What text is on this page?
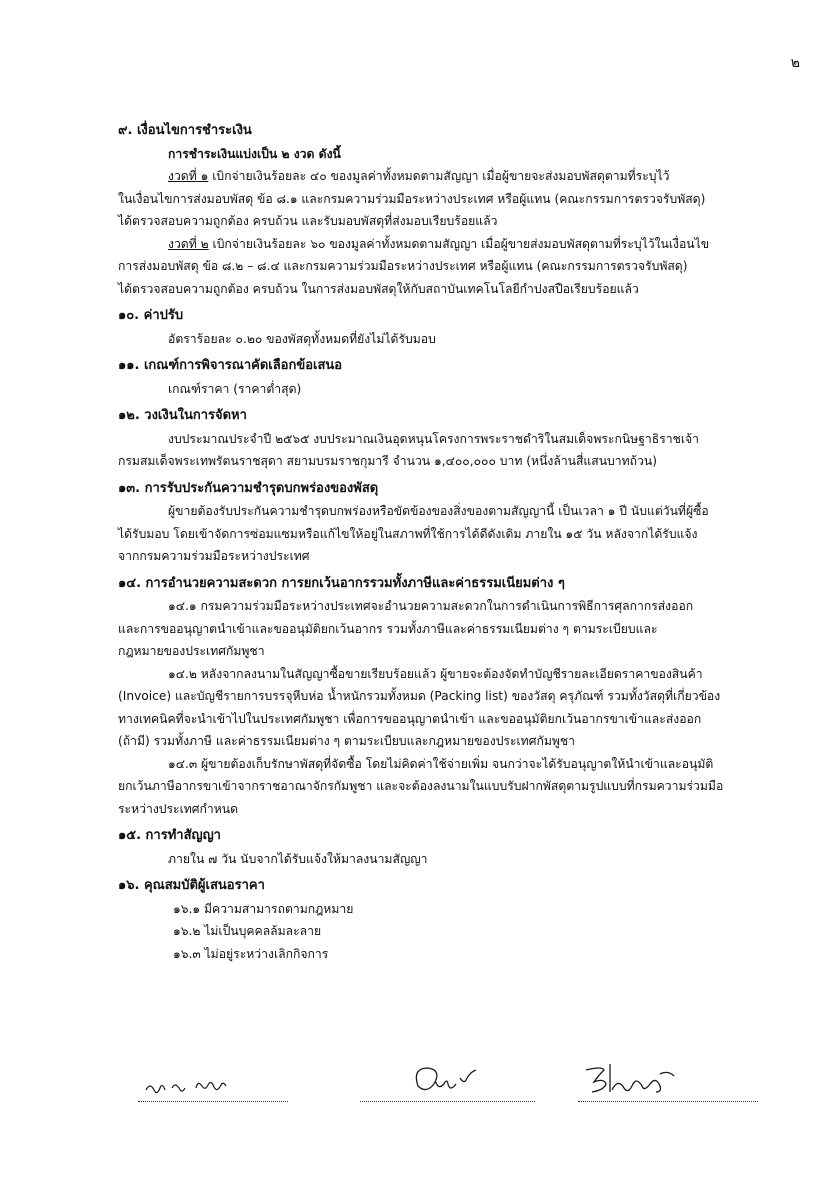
๒
๙. เงื่อนไขการชำระเงิน
การชำระเงินแบ่งเป็น ๒ งวด ดังนี้
งวดที่ ๑ เบิกจ่ายเงินร้อยละ ๔๐ ของมูลค่าทั้งหมดตามสัญญา เมื่อผู้ขายจะส่งมอบพัสดุตามที่ระบุไว้
ในเงื่อนไขการส่งมอบพัสดุ ข้อ ๘.๑ และกรมความร่วมมือระหว่างประเทศ หรือผู้แทน (คณะกรรมการตรวจรับพัสดุ)
ได้ตรวจสอบความถูกต้อง ครบถ้วน และรับมอบพัสดุที่ส่งมอบเรียบร้อยแล้ว
งวดที่ ๒ เบิกจ่ายเงินร้อยละ ๖๐ ของมูลค่าทั้งหมดตามสัญญา เมื่อผู้ขายส่งมอบพัสดุตามที่ระบุไว้ในเงื่อนไข
การส่งมอบพัสดุ ข้อ ๘.๒ – ๘.๔ และกรมความร่วมมือระหว่างประเทศ หรือผู้แทน (คณะกรรมการตรวจรับพัสดุ)
ได้ตรวจสอบความถูกต้อง ครบถ้วน ในการส่งมอบพัสดุให้กับสถาบันเทคโนโลยีกำปงสปือเรียบร้อยแล้ว
๑๐. ค่าปรับ
อัตราร้อยละ ๐.๒๐ ของพัสดุทั้งหมดที่ยังไม่ได้รับมอบ
๑๑. เกณฑ์การพิจารณาคัดเลือกข้อเสนอ
เกณฑ์ราคา (ราคาต่ำสุด)
๑๒. วงเงินในการจัดหา
งบประมาณประจำปี ๒๕๖๕ งบประมาณเงินอุดหนุนโครงการพระราชดำริในสมเด็จพระกนิษฐาธิราชเจ้า
กรมสมเด็จพระเทพรัตนราชสุดา สยามบรมราชกุมารี จำนวน ๑,๔๐๐,๐๐๐ บาท (หนึ่งล้านสี่แสนบาทถ้วน)
๑๓. การรับประกันความชำรุดบกพร่องของพัสดุ
ผู้ขายต้องรับประกันความชำรุดบกพร่องหรือขัดข้องของสิ่งของตามสัญญานี้ เป็นเวลา ๑ ปี นับแต่วันที่ผู้ซื้อ
ได้รับมอบ โดยเข้าจัดการซ่อมแซมหรือแก้ไขให้อยู่ในสภาพที่ใช้การได้ดีดังเดิม ภายใน ๑๕ วัน หลังจากได้รับแจ้ง
จากกรมความร่วมมือระหว่างประเทศ
๑๔. การอำนวยความสะดวก การยกเว้นอากรรวมทั้งภาษีและค่าธรรมเนียมต่าง ๆ
๑๔.๑ กรมความร่วมมือระหว่างประเทศจะอำนวยความสะดวกในการดำเนินการพิธีการศุลกากรส่งออก
และการขออนุญาตนำเข้าและขออนุมัติยกเว้นอากร รวมทั้งภาษีและค่าธรรมเนียมต่าง ๆ ตามระเบียบและ
กฎหมายของประเทศกัมพูชา
๑๔.๒ หลังจากลงนามในสัญญาซื้อขายเรียบร้อยแล้ว ผู้ขายจะต้องจัดทำบัญชีรายละเอียดราคาของสินค้า
(Invoice) และบัญชีรายการบรรจุหีบห่อ น้ำหนักรวมทั้งหมด (Packing list) ของวัสดุ ครุภัณฑ์ รวมทั้งวัสดุที่เกี่ยวข้อง
ทางเทคนิคที่จะนำเข้าไปในประเทศกัมพูชา เพื่อการขออนุญาตนำเข้า และขออนุมัติยกเว้นอากรขาเข้าและส่งออก
(ถ้ามี) รวมทั้งภาษี และค่าธรรมเนียมต่าง ๆ ตามระเบียบและกฎหมายของประเทศกัมพูชา
๑๔.๓ ผู้ขายต้องเก็บรักษาพัสดุที่จัดซื้อ โดยไม่คิดค่าใช้จ่ายเพิ่ม จนกว่าจะได้รับอนุญาตให้นำเข้าและอนุมัติ
ยกเว้นภาษีอากรขาเข้าจากราชอาณาจักรกัมพูชา และจะต้องลงนามในแบบรับฝากพัสดุตามรูปแบบที่กรมความร่วมมือ
ระหว่างประเทศกำหนด
๑๕. การทำสัญญา
ภายใน ๗ วัน นับจากได้รับแจ้งให้มาลงนามสัญญา
๑๖. คุณสมบัติผู้เสนอราคา
๑๖.๑ มีความสามารถตามกฎหมาย
๑๖.๒ ไม่เป็นบุคคลล้มละลาย
๑๖.๓ ไม่อยู่ระหว่างเลิกกิจการ
